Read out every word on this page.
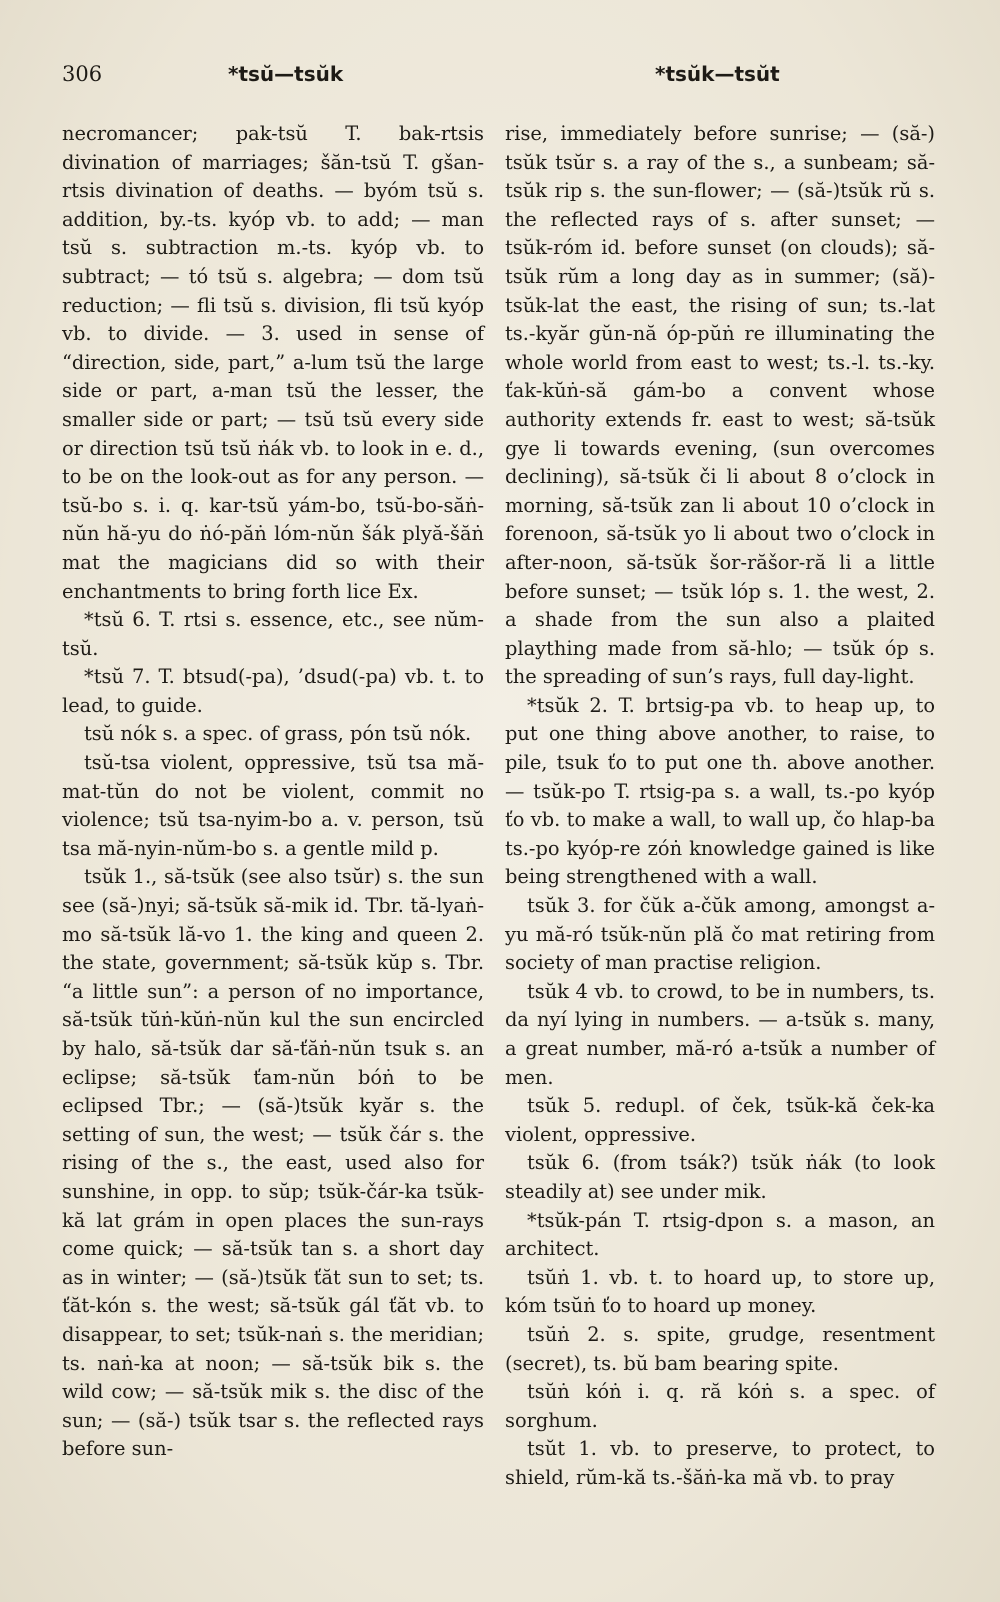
306	*tsŭ—tsŭk	*tsŭk—tsŭt

necromancer; pak-tsŭ T. bak-rtsis divination of marriages; šăn-tsŭ T. gšan-rtsis divination of deaths. — byóm tsŭ s. addition, by.-ts. kyóp vb. to add; — man tsŭ s. subtraction m.-ts. kyóp vb. to subtract; — tó tsŭ s. algebra; — dom tsŭ reduction; — fli tsŭ s. division, fli tsŭ kyóp vb. to divide. — 3. used in sense of “direction, side, part,” a-lum tsŭ the large side or part, a-man tsŭ the lesser, the smaller side or part; — tsŭ tsŭ every side or direction tsŭ tsŭ ṅák vb. to look in e. d., to be on the look-out as for any person. — tsŭ-bo s. i. q. kar-tsŭ yám-bo, tsŭ-bo-săṅ-nŭn hă-yu do ṅó-păṅ lóm-nŭn šák plyă-šăṅ mat the magicians did so with their enchantments to bring forth lice Ex.

*tsŭ 6. T. rtsi s. essence, etc., see nŭm-tsŭ.

*tsŭ 7. T. btsud(-pa), ’dsud(-pa) vb. t. to lead, to guide.

tsŭ nók s. a spec. of grass, pón tsŭ nók.

tsŭ-tsa violent, oppressive, tsŭ tsa mă-mat-tŭn do not be violent, commit no violence; tsŭ tsa-nyim-bo a. v. person, tsŭ tsa mă-nyin-nŭm-bo s. a gentle mild p.

tsŭk 1., să-tsŭk (see also tsŭr) s. the sun see (să-)nyi; să-tsŭk să-mik id. Tbr. tă-lyaṅ-mo să-tsŭk lă-vo 1. the king and queen 2. the state, government; să-tsŭk kŭp s. Tbr. “a little sun”: a person of no importance, să-tsŭk tŭṅ-kŭṅ-nŭn kul the sun encircled by halo, să-tsŭk dar să-ťăṅ-nŭn tsuk s. an eclipse; să-tsŭk ťam-nŭn bóṅ to be eclipsed Tbr.; — (să-)tsŭk kyăr s. the setting of sun, the west; — tsŭk čár s. the rising of the s., the east, used also for sunshine, in opp. to sŭp; tsŭk-čár-ka tsŭk-kă lat grám in open places the sun-rays come quick; — să-tsŭk tan s. a short day as in winter; — (să-)tsŭk ťăt sun to set; ts. ťăt-kón s. the west; să-tsŭk gál ťăt vb. to disappear, to set; tsŭk-naṅ s. the meridian; ts. naṅ-ka at noon; — să-tsŭk bik s. the wild cow; — să-tsŭk mik s. the disc of the sun; — (să-) tsŭk tsar s. the reflected rays before sun-

rise, immediately before sunrise; — (să-) tsŭk tsŭr s. a ray of the s., a sunbeam; să-tsŭk rip s. the sun-flower; — (să-)tsŭk rŭ s. the reflected rays of s. after sunset; — tsŭk-róm id. before sunset (on clouds); să-tsŭk rŭm a long day as in summer; (să)-tsŭk-lat the east, the rising of sun; ts.-lat ts.-kyăr gŭn-nă óp-pŭṅ re illuminating the whole world from east to west; ts.-l. ts.-ky. ťak-kŭṅ-să gám-bo a convent whose authority extends fr. east to west; să-tsŭk gye li towards evening, (sun overcomes declining), să-tsŭk či li about 8 o’clock in morning, să-tsŭk zan li about 10 o’clock in forenoon, să-tsŭk yo li about two o’clock in after-noon, să-tsŭk šor-răšor-ră li a little before sunset; — tsŭk lóp s. 1. the west, 2. a shade from the sun also a plaited plaything made from să-hlo; — tsŭk óp s. the spreading of sun’s rays, full day-light.

*tsŭk 2. T. brtsig-pa vb. to heap up, to put one thing above another, to raise, to pile, tsuk ťo to put one th. above another. — tsŭk-po T. rtsig-pa s. a wall, ts.-po kyóp ťo vb. to make a wall, to wall up, čo hlap-ba ts.-po kyóp-re zóṅ knowledge gained is like being strengthened with a wall.

tsŭk 3. for čŭk a-čŭk among, amongst a-yu mă-ró tsŭk-nŭn plă čo mat retiring from society of man practise religion.

tsŭk 4 vb. to crowd, to be in numbers, ts. da nyí lying in numbers. — a-tsŭk s. many, a great number, mă-ró a-tsŭk a number of men.

tsŭk 5. redupl. of ček, tsŭk-kă ček-ka violent, oppressive.

tsŭk 6. (from tsák?) tsŭk ṅák (to look steadily at) see under mik.

*tsŭk-pán T. rtsig-dpon s. a mason, an architect.

tsŭṅ 1. vb. t. to hoard up, to store up, kóm tsŭṅ ťo to hoard up money.

tsŭṅ 2. s. spite, grudge, resentment (secret), ts. bŭ bam bearing spite.

tsŭṅ kóṅ i. q. ră kóṅ s. a spec. of sorghum.

tsŭt 1. vb. to preserve, to protect, to shield, rŭm-kă ts.-šăṅ-ka mă vb. to pray
